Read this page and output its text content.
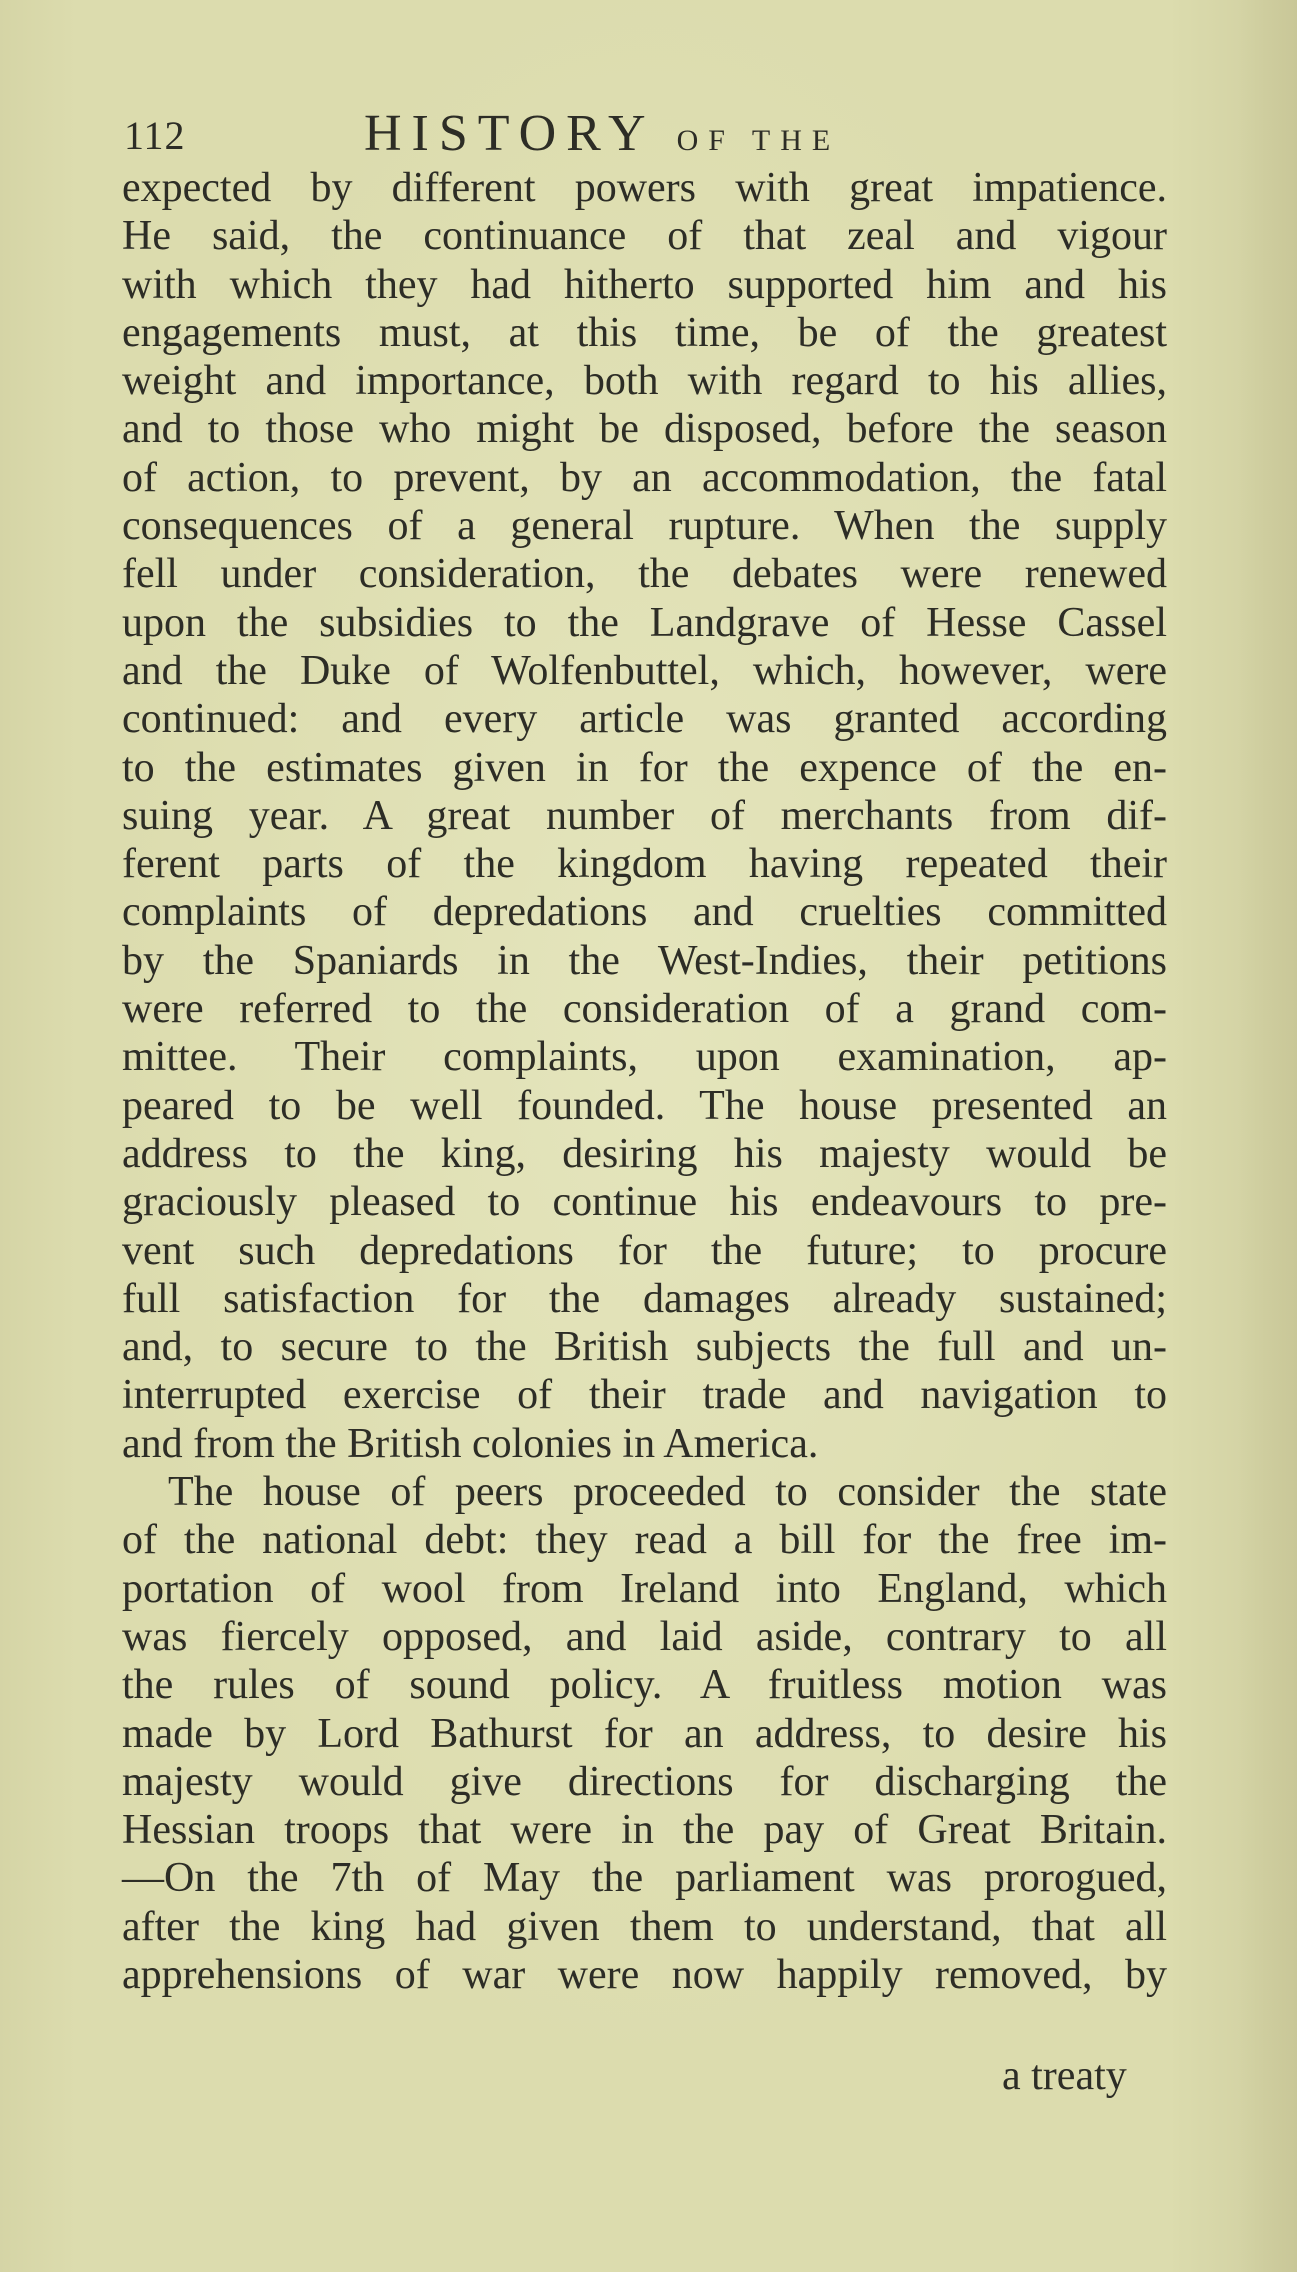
112	HISTORY OF THE
expected by different powers with great impatience.
He said, the continuance of that zeal and vigour
with which they had hitherto supported him and his
engagements must, at this time, be of the greatest
weight and importance, both with regard to his allies,
and to those who might be disposed, before the season
of action, to prevent, by an accommodation, the fatal
consequences of a general rupture. When the supply
fell under consideration, the debates were renewed
upon the subsidies to the Landgrave of Hesse Cassel
and the Duke of Wolfenbuttel, which, however, were
continued: and every article was granted according
to the estimates given in for the expence of the en-
suing year. A great number of merchants from dif-
ferent parts of the kingdom having repeated their
complaints of depredations and cruelties committed
by the Spaniards in the West-Indies, their petitions
were referred to the consideration of a grand com-
mittee. Their complaints, upon examination, ap-
peared to be well founded. The house presented an
address to the king, desiring his majesty would be
graciously pleased to continue his endeavours to pre-
vent such depredations for the future; to procure
full satisfaction for the damages already sustained;
and, to secure to the British subjects the full and un-
interrupted exercise of their trade and navigation to
and from the British colonies in America.
The house of peers proceeded to consider the state
of the national debt: they read a bill for the free im-
portation of wool from Ireland into England, which
was fiercely opposed, and laid aside, contrary to all
the rules of sound policy. A fruitless motion was
made by Lord Bathurst for an address, to desire his
majesty would give directions for discharging the
Hessian troops that were in the pay of Great Britain.
—On the 7th of May the parliament was prorogued,
after the king had given them to understand, that all
apprehensions of war were now happily removed, by
a treaty
